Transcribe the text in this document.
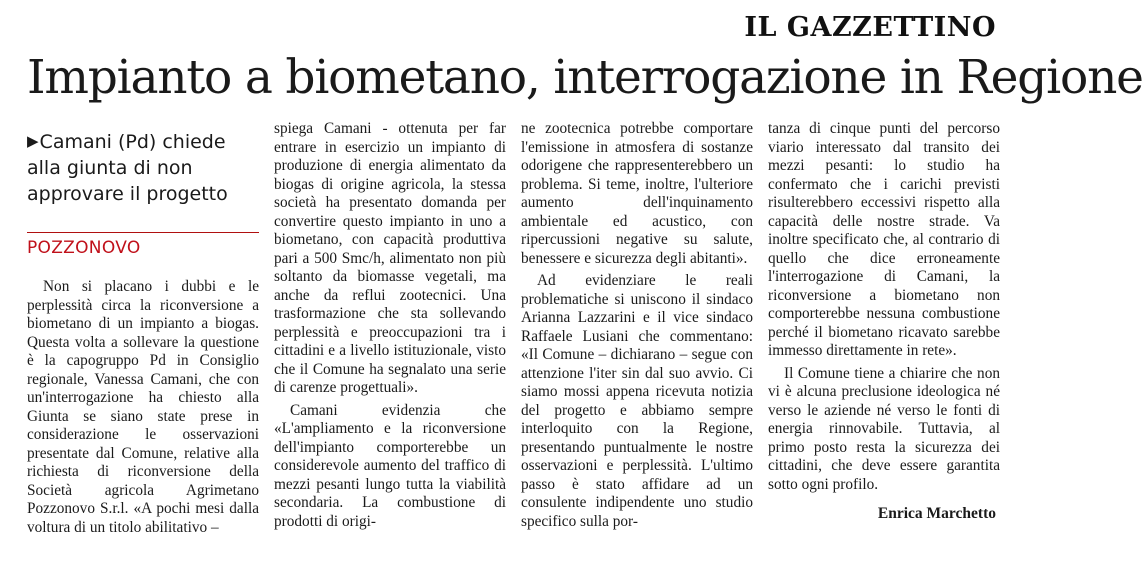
IL GAZZETTINO
Impianto a biometano, interrogazione in Regione
▶Camani (Pd) chiede alla giunta di non approvare il progetto
POZZONOVO

Non si placano i dubbi e le perplessità circa la riconversione a biometano di un impianto a biogas. Questa volta a sollevare la questione è la capogruppo Pd in Consiglio regionale, Vanessa Camani, che con un'interrogazione ha chiesto alla Giunta se siano state prese in considerazione le osservazioni presentate dal Comune, relative alla richiesta di riconversione della Società agricola Agrimetano Pozzonovo S.r.l. «A pochi mesi dalla voltura di un titolo abilitativo –

spiega Camani - ottenuta per far entrare in esercizio un impianto di produzione di energia alimentato da biogas di origine agricola, la stessa società ha presentato domanda per convertire questo impianto in uno a biometano, con capacità produttiva pari a 500 Smc/h, alimentato non più soltanto da biomasse vegetali, ma anche da reflui zootecnici. Una trasformazione che sta sollevando perplessità e preoccupazioni tra i cittadini e a livello istituzionale, visto che il Comune ha segnalato una serie di carenze progettuali».

Camani evidenzia che «L'ampliamento e la riconversione dell'impianto comporterebbe un considerevole aumento del traffico di mezzi pesanti lungo tutta la viabilità secondaria. La combustione di prodotti di origi-

ne zootecnica potrebbe comportare l'emissione in atmosfera di sostanze odorigene che rappresenterebbero un problema. Si teme, inoltre, l'ulteriore aumento dell'inquinamento ambientale ed acustico, con ripercussioni negative su salute, benessere e sicurezza degli abitanti».

Ad evidenziare le reali problematiche si uniscono il sindaco Arianna Lazzarini e il vice sindaco Raffaele Lusiani che commentano: «Il Comune – dichiarano – segue con attenzione l'iter sin dal suo avvio. Ci siamo mossi appena ricevuta notizia del progetto e abbiamo sempre interloquito con la Regione, presentando puntualmente le nostre osservazioni e perplessità. L'ultimo passo è stato affidare ad un consulente indipendente uno studio specifico sulla por-

tanza di cinque punti del percorso viario interessato dal transito dei mezzi pesanti: lo studio ha confermato che i carichi previsti risulterebbero eccessivi rispetto alla capacità delle nostre strade. Va inoltre specificato che, al contrario di quello che dice erroneamente l'interrogazione di Camani, la riconversione a biometano non comporterebbe nessuna combustione perché il biometano ricavato sarebbe immesso direttamente in rete».

Il Comune tiene a chiarire che non vi è alcuna preclusione ideologica né verso le aziende né verso le fonti di energia rinnovabile. Tuttavia, al primo posto resta la sicurezza dei cittadini, che deve essere garantita sotto ogni profilo.

Enrica Marchetto
